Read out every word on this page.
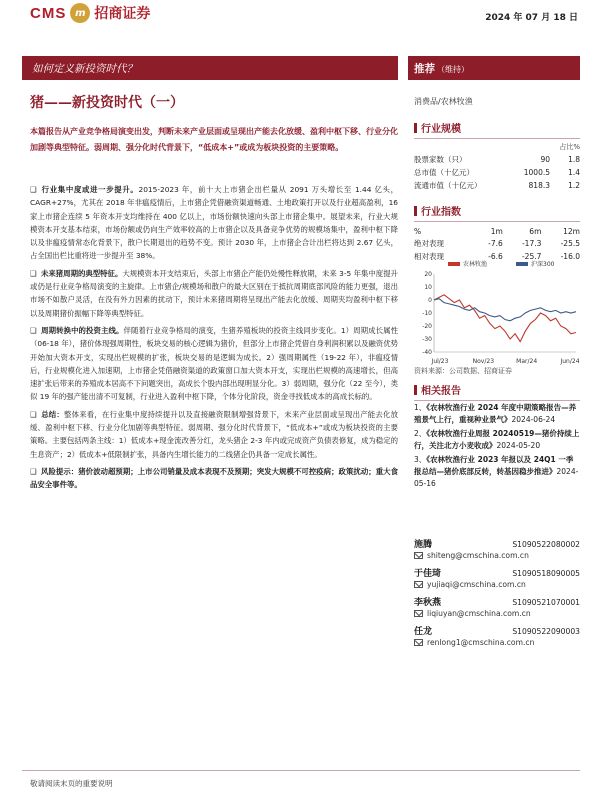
CMS m 招商证券	2024 年 07 月 18 日
如何定义新投资时代？	推荐 （维持）
猪——新投资时代（一）	消费品/农林牧渔
本篇报告从产业竞争格局演变出发，判断未来产业层面或呈现出产能去化放缓、盈利中枢下移、行业分化加剧等典型特征。弱周期、强分化时代背景下，“低成本+”或成为板块投资的主要策略。
❑ 行业集中度或进一步提升。2015-2023 年，前十大上市猪企出栏量从 2091 万头增长至 1.44 亿头，CAGR+27%，尤其在 2018 年非瘟疫情后，上市猪企凭借融资渠道畅通、土地政策打开以及行业超高盈利，16 家上市猪企连续 5 年资本开支均维持在 400 亿以上，市场份额快速向头部上市猪企集中。展望未来，行业大规模资本开支基本结束，市场份额或仍向生产效率较高的上市猪企以及具备竞争优势的规模场集中，盈利中枢下降以及非瘟疫情常态化背景下，散户长期退出的趋势不变。预计 2030 年，上市猪企合计出栏将达到 2.67 亿头，占全国出栏比重将进一步提升至 38%。
❑ 未来猪周期的典型特征。大规模资本开支结束后，头部上市猪企产能仍处慢性释放期，未来 3-5 年集中度提升或仍是行业竞争格局演变的主旋律。上市猪企/规模场和散户的最大区别在于抵抗周期底部风险的能力更强，退出市场不如散户灵活，在没有外力因素的扰动下，预计未来猪周期将呈现出产能去化放缓、周期夹均盈利中枢下移以及周期猪价振幅下降等典型特征。
❑ 周期转换中的投资主线。伴随着行业竞争格局的演变，生猪养殖板块的投资主线同步变化。1）周期成长属性（06-18 年），猪价体现强周期性，板块交易的核心逻辑为猪价，但部分上市猪企凭借自身利润积累以及融资优势开始加大资本开支，实现出栏规模的扩张，板块交易的是逻辑为成长。2）强周期属性（19-22 年），非瘟疫情后，行业规模化进入加速期，上市猪企凭借融资渠道的政策窗口加大资本开支，实现出栏规模的高速增长，但高速扩张后带来的养殖成本居高不下问题突出，高成长个股内部出现明显分化。3）弱周期，强分化（22 至今），类似 19 年的强产能出清不可复制，行业进入盈利中枢下降，个体分化阶段，资金寻找低成本的高成长标的。
❑ 总结：整体来看，在行业集中度持续提升以及直接融资限制增强背景下，未来产业层面或呈现出产能去化放缓、盈利中枢下移、行业分化加剧等典型特征。弱周期、强分化时代背景下，“低成本+”或成为板块投资的主要策略。主要包括两条主线：1）低成本+现金流改善分红，龙头猪企 2-3 年内或完成资产负债表修复，成为稳定的生息资产；2）低成本+低限制扩张，具备内生增长能力的二线猪企仍具备一定成长属性。
❑ 风险提示：猪价波动超预期；上市公司销量及成本表现不及预期；突发大规模不可控疫病；政策扰动；重大食品安全事件等。
行业规模
		占比%
股票家数（只）	90	1.8
总市值（十亿元）	1000.5	1.4
流通市值（十亿元）	818.3	1.2
行业指数
%	1m	6m	12m
绝对表现	-7.6	-17.3	-25.5
相对表现	-6.6	-25.7	-16.0
-40
-30
-20
-10
0
10
20
Jul/23	Nov/23	Mar/24	Jun/24
农林牧渔	沪深300
资料来源：公司数据、招商证券
相关报告
1、《农林牧渔行业 2024 年度中期策略报告—养殖景气上行，重视种业景气》2024-06-24
2、《农林牧渔行业周报 20240519—猪价持续上行，关注北方小麦收成》2024-05-20
3、《农林牧渔行业 2023 年报以及 24Q1 一季报总结—猪价底部反转，转基因稳步推进》2024-05-16
施腾	S1090522080002
shiteng@cmschina.com.cn
于佳琦	S1090518090005
yujiaqi@cmschina.com.cn
李秋燕	S1090521070001
liqiuyan@cmschina.com.cn
任龙	S1090522090003
renlong1@cmschina.com.cn
敬请阅读末页的重要说明
